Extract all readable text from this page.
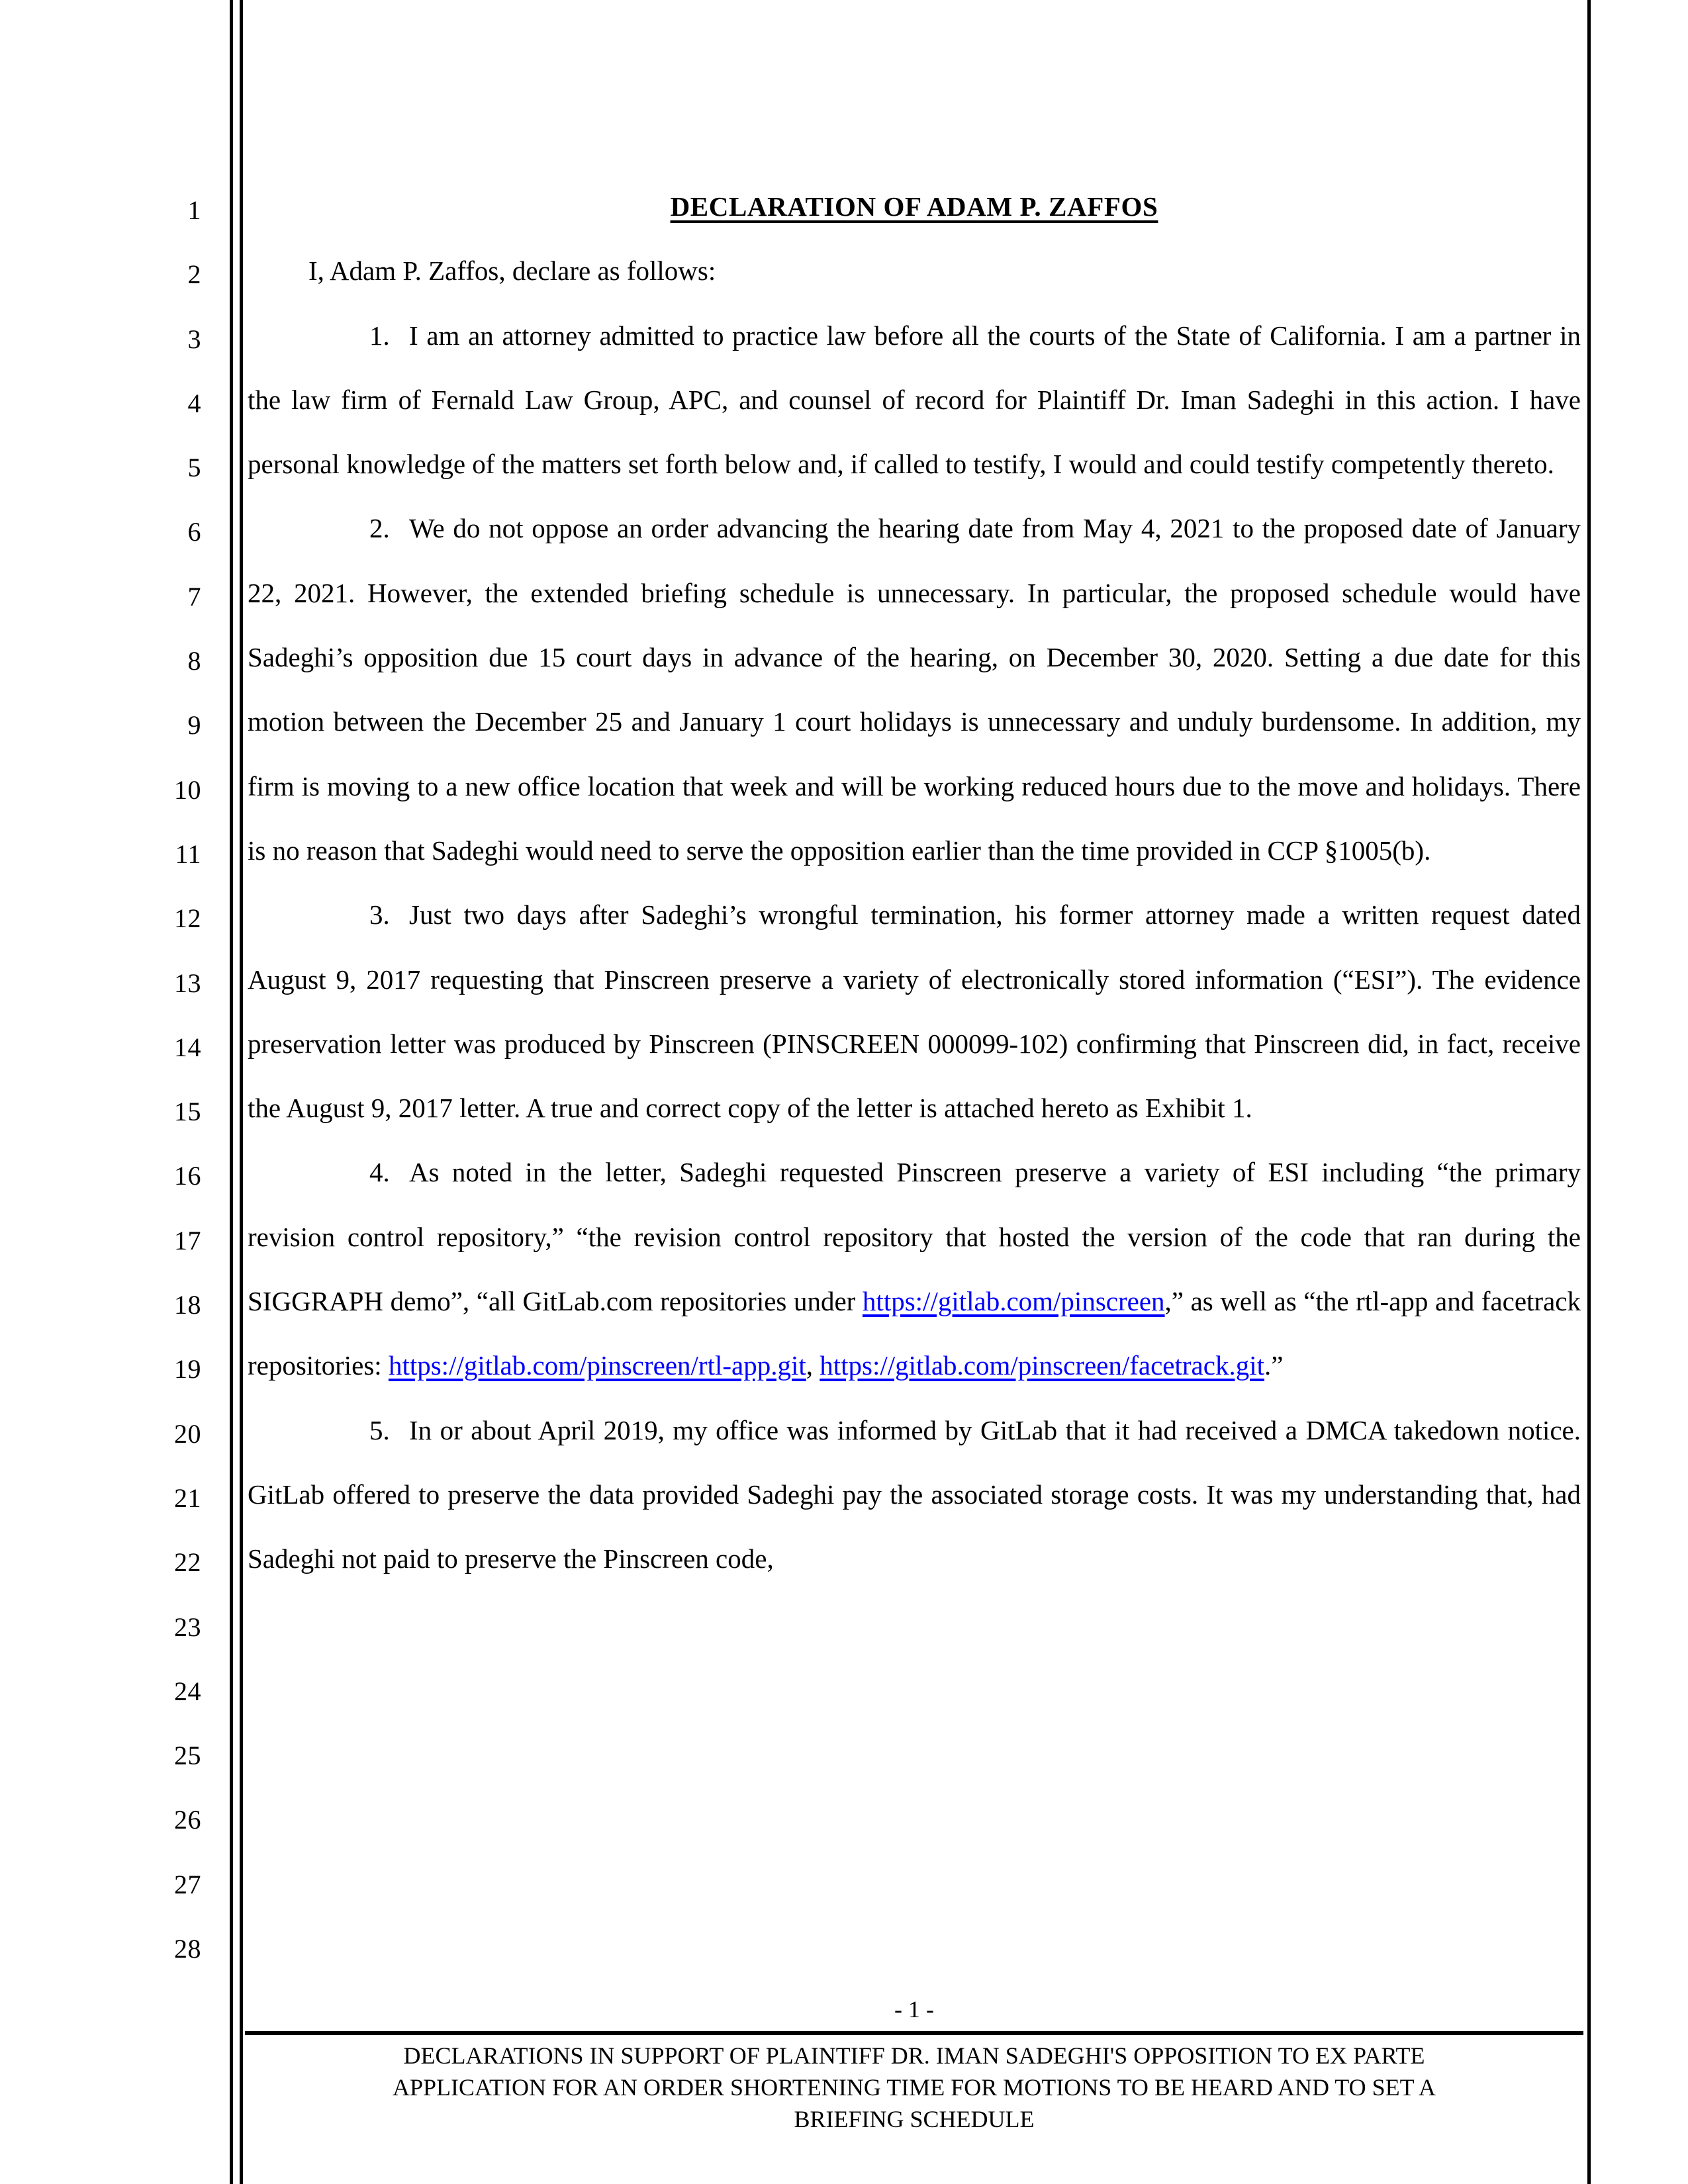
1
2
3
4
5
6
7
8
9
10
11
12
13
14
15
16
17
18
19
20
21
22
23
24
25
26
27
28

DECLARATION OF ADAM P. ZAFFOS

I, Adam P. Zaffos, declare as follows:

1. I am an attorney admitted to practice law before all the courts of the State of California. I am a partner in the law firm of Fernald Law Group, APC, and counsel of record for Plaintiff Dr. Iman Sadeghi in this action. I have personal knowledge of the matters set forth below and, if called to testify, I would and could testify competently thereto.

2. We do not oppose an order advancing the hearing date from May 4, 2021 to the proposed date of January 22, 2021. However, the extended briefing schedule is unnecessary. In particular, the proposed schedule would have Sadeghi’s opposition due 15 court days in advance of the hearing, on December 30, 2020. Setting a due date for this motion between the December 25 and January 1 court holidays is unnecessary and unduly burdensome. In addition, my firm is moving to a new office location that week and will be working reduced hours due to the move and holidays. There is no reason that Sadeghi would need to serve the opposition earlier than the time provided in CCP §1005(b).

3. Just two days after Sadeghi’s wrongful termination, his former attorney made a written request dated August 9, 2017 requesting that Pinscreen preserve a variety of electronically stored information (“ESI”). The evidence preservation letter was produced by Pinscreen (PINSCREEN 000099-102) confirming that Pinscreen did, in fact, receive the August 9, 2017 letter. A true and correct copy of the letter is attached hereto as Exhibit 1.

4. As noted in the letter, Sadeghi requested Pinscreen preserve a variety of ESI including “the primary revision control repository,” “the revision control repository that hosted the version of the code that ran during the SIGGRAPH demo”, “all GitLab.com repositories under https://gitlab.com/pinscreen,” as well as “the rtl-app and facetrack repositories: https://gitlab.com/pinscreen/rtl-app.git, https://gitlab.com/pinscreen/facetrack.git.”

5. In or about April 2019, my office was informed by GitLab that it had received a DMCA takedown notice. GitLab offered to preserve the data provided Sadeghi pay the associated storage costs. It was my understanding that, had Sadeghi not paid to preserve the Pinscreen code,

- 1 -
DECLARATIONS IN SUPPORT OF PLAINTIFF DR. IMAN SADEGHI'S OPPOSITION TO EX PARTE
APPLICATION FOR AN ORDER SHORTENING TIME FOR MOTIONS TO BE HEARD AND TO SET A
BRIEFING SCHEDULE
